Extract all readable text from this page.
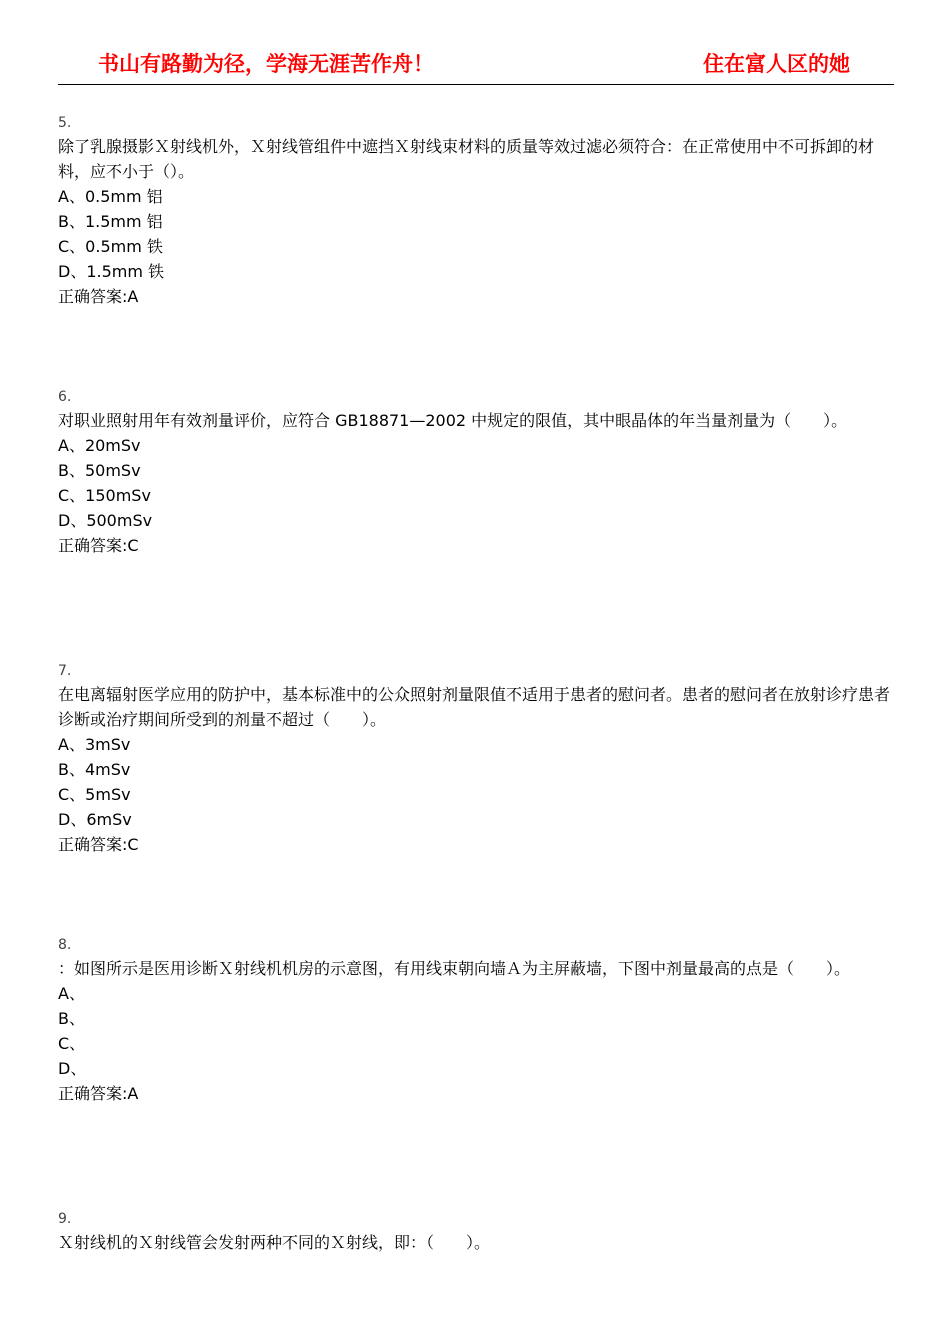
书山有路勤为径，学海无涯苦作舟！	住在富人区的她
5.
除了乳腺摄影Ｘ射线机外，Ｘ射线管组件中遮挡Ｘ射线束材料的质量等效过滤必须符合：在正常使用中不可拆卸的材料，应不小于（）。
A、0.5mm 铝
B、1.5mm 铝
C、0.5mm 铁
D、1.5mm 铁
正确答案:A
6.
对职业照射用年有效剂量评价，应符合 GB18871—2002 中规定的限值，其中眼晶体的年当量剂量为（　　）。
A、20mSv
B、50mSv
C、150mSv
D、500mSv
正确答案:C
7.
在电离辐射医学应用的防护中，基本标准中的公众照射剂量限值不适用于患者的慰问者。患者的慰问者在放射诊疗患者诊断或治疗期间所受到的剂量不超过（　　）。
A、3mSv
B、4mSv
C、5mSv
D、6mSv
正确答案:C
8.
：如图所示是医用诊断Ｘ射线机机房的示意图，有用线束朝向墙Ａ为主屏蔽墙，下图中剂量最高的点是（　　）。
A、
B、
C、
D、
正确答案:A
9.
Ｘ射线机的Ｘ射线管会发射两种不同的Ｘ射线，即：（　　）。
